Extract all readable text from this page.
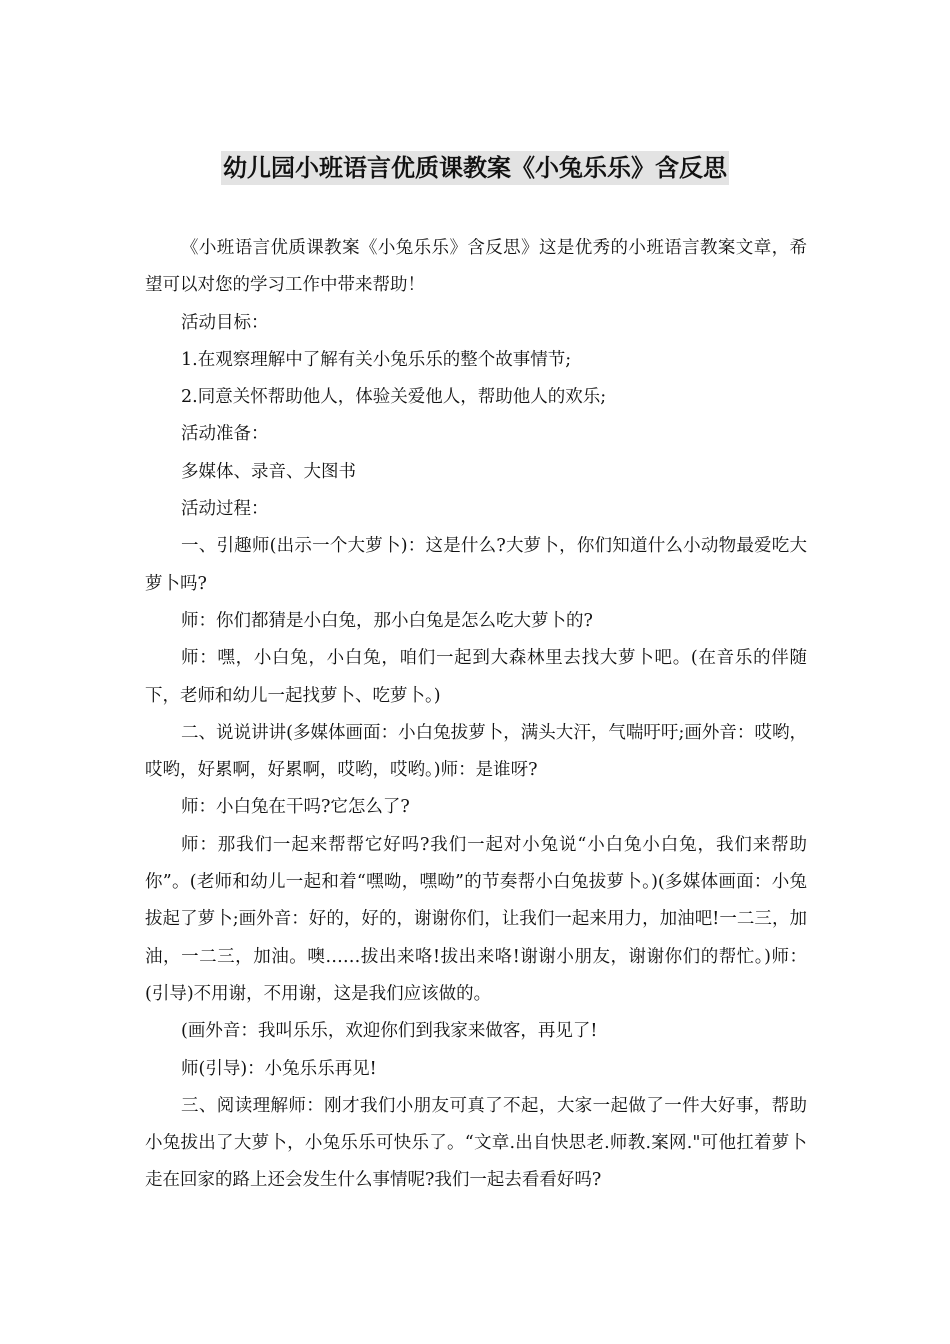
幼儿园小班语言优质课教案《小兔乐乐》含反思

《小班语言优质课教案《小兔乐乐》含反思》这是优秀的小班语言教案文章，希望可以对您的学习工作中带来帮助！

活动目标：

1.在观察理解中了解有关小兔乐乐的整个故事情节;

2.同意关怀帮助他人，体验关爱他人，帮助他人的欢乐;

活动准备：

多媒体、录音、大图书

活动过程：

一、引趣师(出示一个大萝卜)：这是什么?大萝卜，你们知道什么小动物最爱吃大萝卜吗?

师：你们都猜是小白兔，那小白兔是怎么吃大萝卜的?

师：嘿，小白兔，小白兔，咱们一起到大森林里去找大萝卜吧。(在音乐的伴随下，老师和幼儿一起找萝卜、吃萝卜。)

二、说说讲讲(多媒体画面：小白兔拔萝卜，满头大汗，气喘吁吁;画外音：哎哟，哎哟，好累啊，好累啊，哎哟，哎哟。)师：是谁呀?

师：小白兔在干吗?它怎么了?

师：那我们一起来帮帮它好吗?我们一起对小兔说“小白兔小白兔，我们来帮助你”。(老师和幼儿一起和着“嘿呦，嘿呦”的节奏帮小白兔拔萝卜。)(多媒体画面：小兔拔起了萝卜;画外音：好的，好的，谢谢你们，让我们一起来用力，加油吧!一二三，加油，一二三，加油。噢……拔出来咯!拔出来咯!谢谢小朋友，谢谢你们的帮忙。)师：(引导)不用谢，不用谢，这是我们应该做的。

(画外音：我叫乐乐，欢迎你们到我家来做客，再见了!

师(引导)：小兔乐乐再见!

三、阅读理解师：刚才我们小朋友可真了不起，大家一起做了一件大好事，帮助小兔拔出了大萝卜，小兔乐乐可快乐了。“文章.出自快思老.师教.案网."可他扛着萝卜走在回家的路上还会发生什么事情呢?我们一起去看看好吗?
